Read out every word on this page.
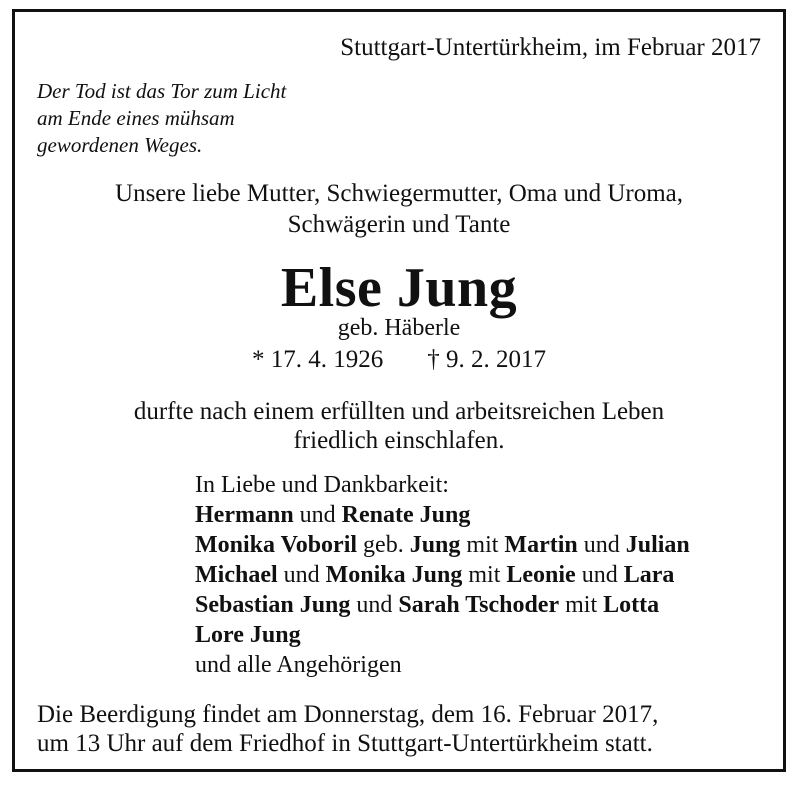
Stuttgart-Untertürkheim, im Februar 2017
Der Tod ist das Tor zum Licht
am Ende eines mühsam
gewordenen Weges.
Unsere liebe Mutter, Schwiegermutter, Oma und Uroma,
Schwägerin und Tante
Else Jung
geb. Häberle
* 17. 4. 1926 † 9. 2. 2017
durfte nach einem erfüllten und arbeitsreichen Leben
friedlich einschlafen.
In Liebe und Dankbarkeit:
Hermann und Renate Jung
Monika Voboril geb. Jung mit Martin und Julian
Michael und Monika Jung mit Leonie und Lara
Sebastian Jung und Sarah Tschoder mit Lotta
Lore Jung
und alle Angehörigen
Die Beerdigung findet am Donnerstag, dem 16. Februar 2017,
um 13 Uhr auf dem Friedhof in Stuttgart-Untertürkheim statt.
